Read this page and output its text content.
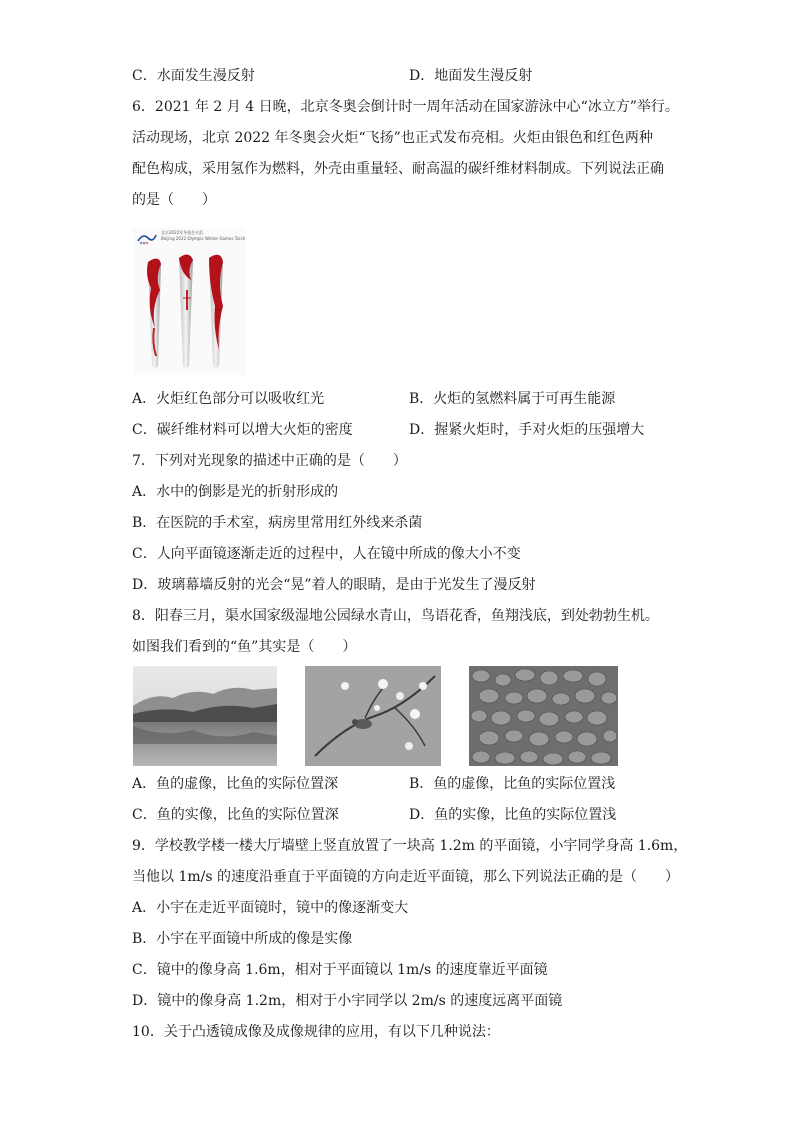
C．水面发生漫反射	D．地面发生漫反射
6．2021 年 2 月 4 日晚，北京冬奥会倒计时一周年活动在国家游泳中心“冰立方”举行。
活动现场，北京 2022 年冬奥会火炬“飞扬”也正式发布亮相。火炬由银色和红色两种
配色构成，采用氢作为燃料，外壳由重量轻、耐高温的碳纤维材料制成。下列说法正确
的是（　　）
北京2022年冬奥会火炬
Beijing 2022 Olympic Winter Games Torch
A．火炬红色部分可以吸收红光	B．火炬的氢燃料属于可再生能源
C．碳纤维材料可以增大火炬的密度	D．握紧火炬时，手对火炬的压强增大
7．下列对光现象的描述中正确的是（　　）
A．水中的倒影是光的折射形成的
B．在医院的手术室，病房里常用红外线来杀菌
C．人向平面镜逐渐走近的过程中，人在镜中所成的像大小不变
D．玻璃幕墙反射的光会“晃”着人的眼睛，是由于光发生了漫反射
8．阳春三月，渠水国家级湿地公园绿水青山，鸟语花香，鱼翔浅底，到处勃勃生机。
如图我们看到的“鱼”其实是（　　）
A．鱼的虚像，比鱼的实际位置深	B．鱼的虚像，比鱼的实际位置浅
C．鱼的实像，比鱼的实际位置深	D．鱼的实像，比鱼的实际位置浅
9．学校教学楼一楼大厅墙壁上竖直放置了一块高 1.2m 的平面镜，小宇同学身高 1.6m，
当他以 1m/s 的速度沿垂直于平面镜的方向走近平面镜，那么下列说法正确的是（　　）
A．小宇在走近平面镜时，镜中的像逐渐变大
B．小宇在平面镜中所成的像是实像
C．镜中的像身高 1.6m，相对于平面镜以 1m/s 的速度靠近平面镜
D．镜中的像身高 1.2m，相对于小宇同学以 2m/s 的速度远离平面镜
10．关于凸透镜成像及成像规律的应用，有以下几种说法：
